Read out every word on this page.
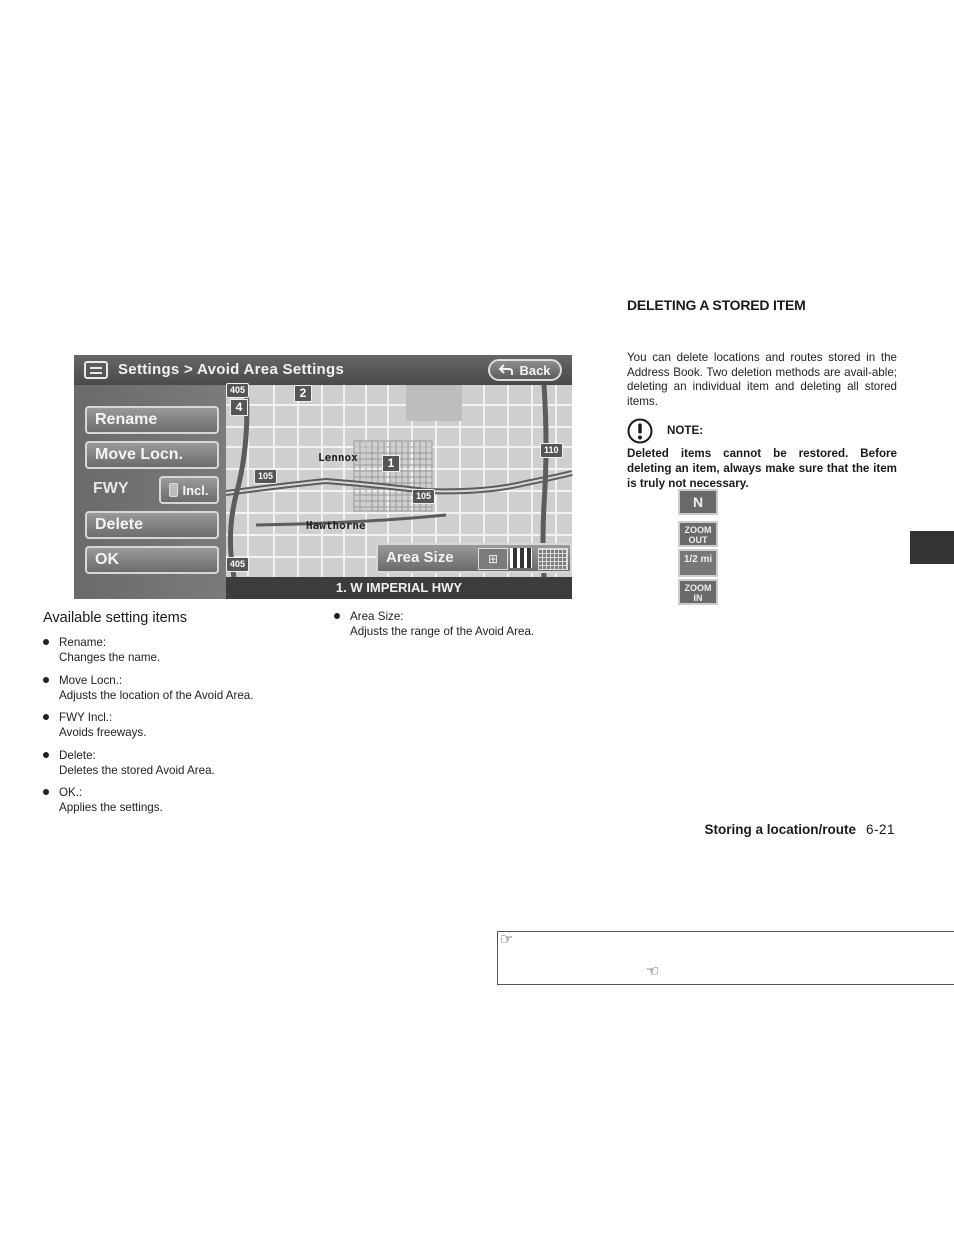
Settings > Avoid Area Settings	Back
Rename
Move Locn.
FWY	Incl.
Delete
OK
Lennox
Hawthorne
405
405
105
105
110
4
2
1
Area Size	⊞
N
ZOOM OUT
1/2 mi
ZOOM IN
1. W IMPERIAL HWY
DELETING A STORED ITEM
You can delete locations and routes stored in the Address Book. Two deletion methods are avail-able; deleting an individual item and deleting all stored items.
NOTE:
Deleted items cannot be restored. Before deleting an item, always make sure that the item is truly not necessary.
Available setting items
Rename:
Changes the name.
Move Locn.:
Adjusts the location of the Avoid Area.
FWY Incl.:
Avoids freeways.
Delete:
Deletes the stored Avoid Area.
OK.:
Applies the settings.
Area Size:
Adjusts the range of the Avoid Area.
Storing a location/route 6-21
☞
☜
